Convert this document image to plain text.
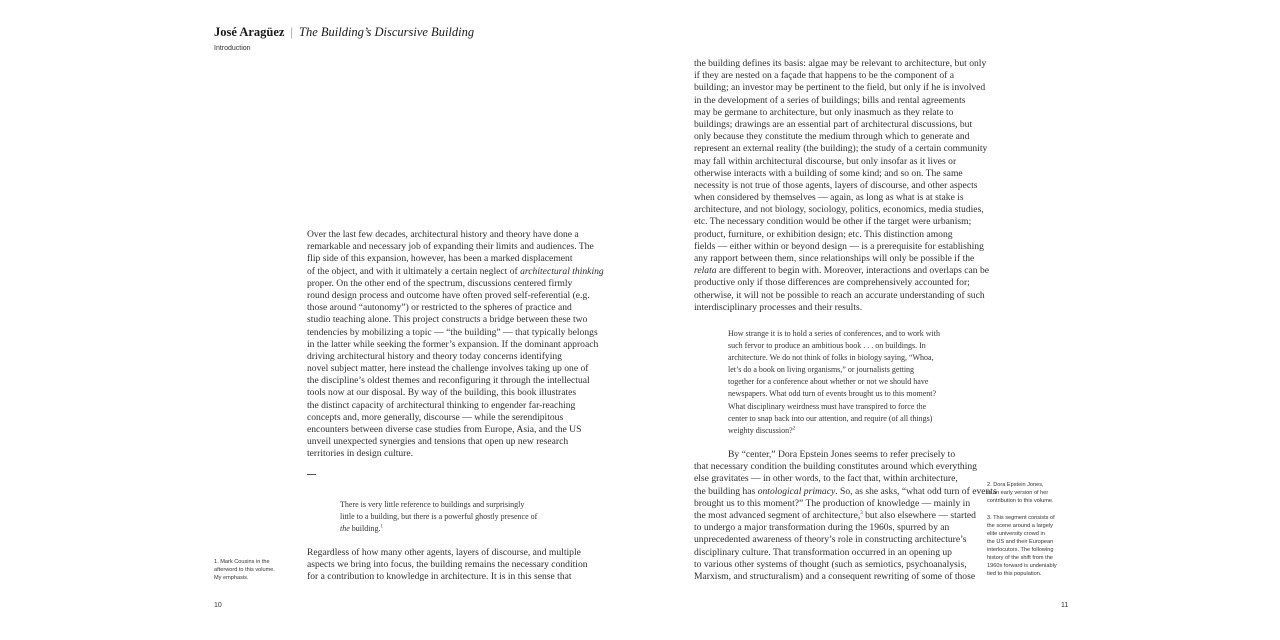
José Aragüez | The Building’s Discursive Building
Introduction
Over the last few decades, architectural history and theory have done a
remarkable and necessary job of expanding their limits and audiences. The
flip side of this expansion, however, has been a marked displacement
of the object, and with it ultimately a certain neglect of architectural thinking
proper. On the other end of the spectrum, discussions centered firmly
round design process and outcome have often proved self-referential (e.g.
those around “autonomy”) or restricted to the spheres of practice and
studio teaching alone. This project constructs a bridge between these two
tendencies by mobilizing a topic — “the building” — that typically belongs
in the latter while seeking the former’s expansion. If the dominant approach
driving architectural history and theory today concerns identifying
novel subject matter, here instead the challenge involves taking up one of
the discipline’s oldest themes and reconfiguring it through the intellectual
tools now at our disposal. By way of the building, this book illustrates
the distinct capacity of architectural thinking to engender far-reaching
concepts and, more generally, discourse — while the serendipitous
encounters between diverse case studies from Europe, Asia, and the US
unveil unexpected synergies and tensions that open up new research
territories in design culture.
There is very little reference to buildings and surprisingly
little to a building, but there is a powerful ghostly presence of
the building.$^1$
Regardless of how many other agents, layers of discourse, and multiple
aspects we bring into focus, the building remains the necessary condition
for a contribution to knowledge in architecture. It is in this sense that
1. Mark Cousins in the
afterword to this volume.
My emphasis.
10
the building defines its basis: algae may be relevant to architecture, but only
if they are nested on a façade that happens to be the component of a
building; an investor may be pertinent to the field, but only if he is involved
in the development of a series of buildings; bills and rental agreements
may be germane to architecture, but only inasmuch as they relate to
buildings; drawings are an essential part of architectural discussions, but
only because they constitute the medium through which to generate and
represent an external reality (the building); the study of a certain community
may fall within architectural discourse, but only insofar as it lives or
otherwise interacts with a building of some kind; and so on. The same
necessity is not true of those agents, layers of discourse, and other aspects
when considered by themselves — again, as long as what is at stake is
architecture, and not biology, sociology, politics, economics, media studies,
etc. The necessary condition would be other if the target were urbanism;
product, furniture, or exhibition design; etc. This distinction among
fields — either within or beyond design — is a prerequisite for establishing
any rapport between them, since relationships will only be possible if the
relata are different to begin with. Moreover, interactions and overlaps can be
productive only if those differences are comprehensively accounted for;
otherwise, it will not be possible to reach an accurate understanding of such
interdisciplinary processes and their results.
How strange it is to hold a series of conferences, and to work with
such fervor to produce an ambitious book . . . on buildings. In
architecture. We do not think of folks in biology saying, “Whoa,
let’s do a book on living organisms,” or journalists getting
together for a conference about whether or not we should have
newspapers. What odd turn of events brought us to this moment?
What disciplinary weirdness must have transpired to force the
center to snap back into our attention, and require (of all things)
weighty discussion?$^2$
By “center,” Dora Epstein Jones seems to refer precisely to
that necessary condition the building constitutes around which everything
else gravitates — in other words, to the fact that, within architecture,
the building has ontological primacy. So, as she asks, “what odd turn of events
brought us to this moment?” The production of knowledge — mainly in
the most advanced segment of architecture,$^3$ but also elsewhere — started
to undergo a major transformation during the 1960s, spurred by an
unprecedented awareness of theory’s role in constructing architecture’s
disciplinary culture. That transformation occurred in an opening up
to various other systems of thought (such as semiotics, psychoanalysis,
Marxism, and structuralism) and a consequent rewriting of some of those
2. Dora Epstein Jones,
in an early version of her
contribution to this volume.
3. This segment consists of
the scene around a largely
elite university crowd in
the US and their European
interlocutors. The following
history of the shift from the
1960s forward is undeniably
tied to this population.
11
